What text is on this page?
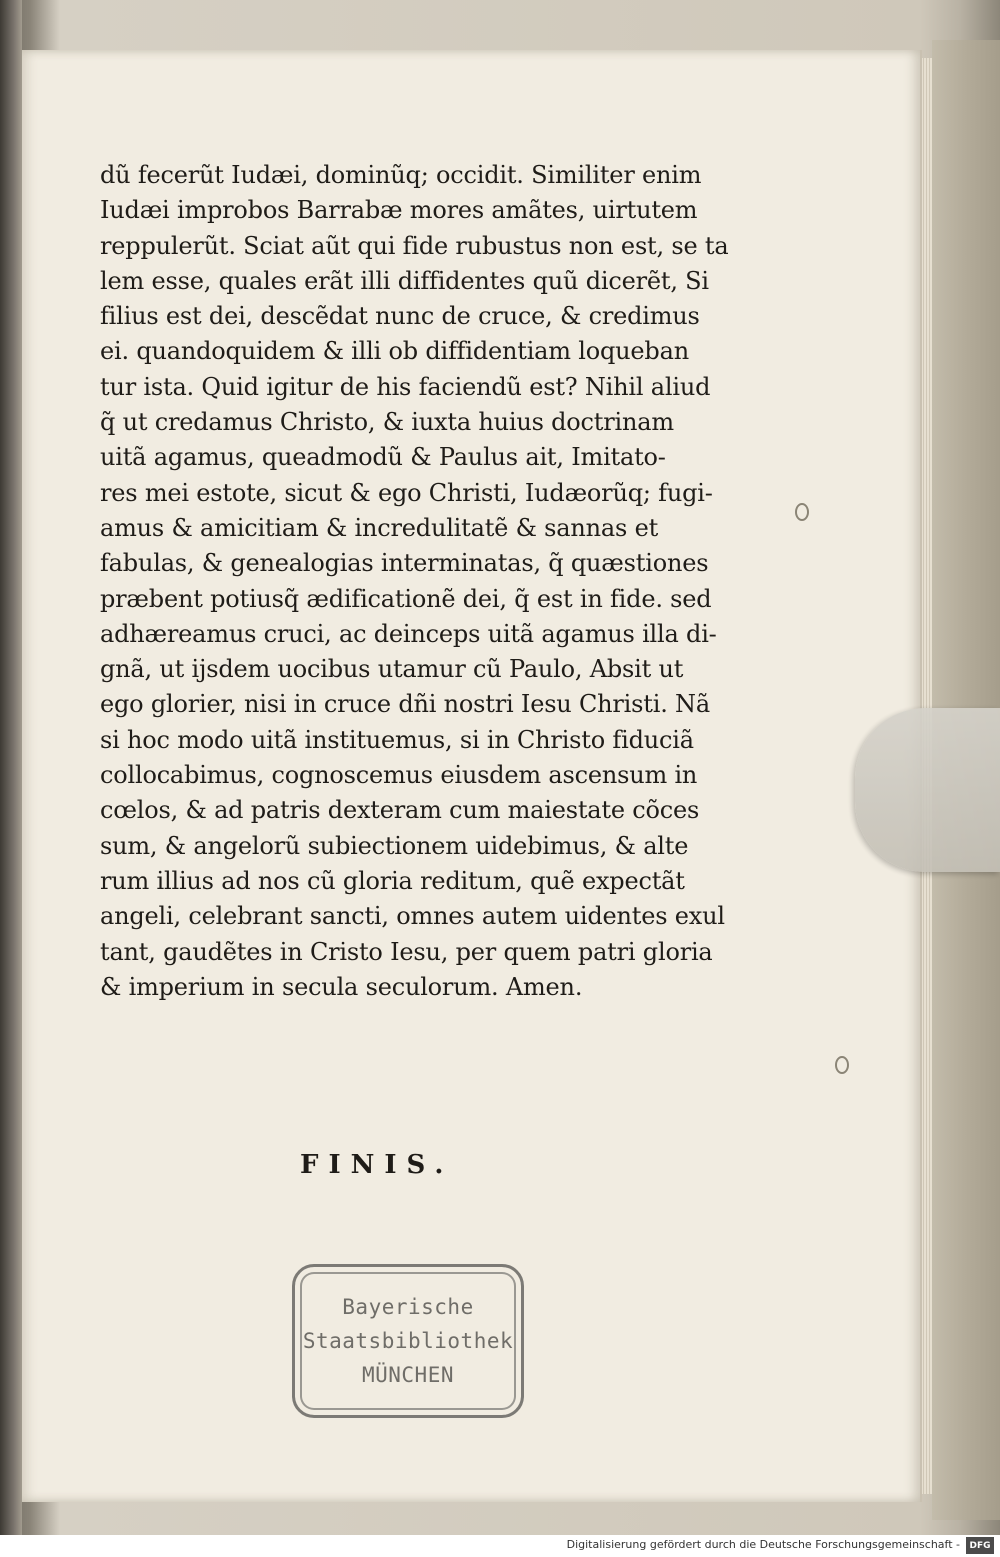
dũ fecerũt Iudæi, dominũq; occidit. Similiter enim
Iudæi improbos Barrabæ mores amãtes, uirtutem
reppulerũt. Sciat aũt qui fide rubustus non est, se ta
lem esse, quales erãt illi diffidentes quũ dicerẽt, Si
filius est dei, descẽdat nunc de cruce, & credimus
ei. quandoquidem & illi ob diffidentiam loqueban
tur ista. Quid igitur de his faciendũ est? Nihil aliud
q̃ ut credamus Christo, & iuxta huius doctrinam
uitã agamus, queadmodũ & Paulus ait, Imitato-
res mei estote, sicut & ego Christi, Iudæorũq; fugi-
amus & amicitiam & incredulitatẽ & sannas et
fabulas, & genealogias interminatas, q̃ quæstiones
præbent potiusq̃ ædificationẽ dei, q̃ est in fide. sed
adhæreamus cruci, ac deinceps uitã agamus illa di-
gnã, ut ijsdem uocibus utamur cũ Paulo, Absit ut
ego glorier, nisi in cruce dñi nostri Iesu Christi. Nã
si hoc modo uitã instituemus, si in Christo fiduciã
collocabimus, cognoscemus eiusdem ascensum in
cœlos, & ad patris dexteram cum maiestate cõces
sum, & angelorũ subiectionem uidebimus, & alte
rum illius ad nos cũ gloria reditum, quẽ expectãt
angeli, celebrant sancti, omnes autem uidentes exul
tant, gaudẽtes in Cristo Iesu, per quem patri gloria
& imperium in secula seculorum. Amen.
FINIS.
Bayerische
Staatsbibliothek
MÜNCHEN
Digitalisierung gefördert durch die Deutsche Forschungsgemeinschaft -	DFG
